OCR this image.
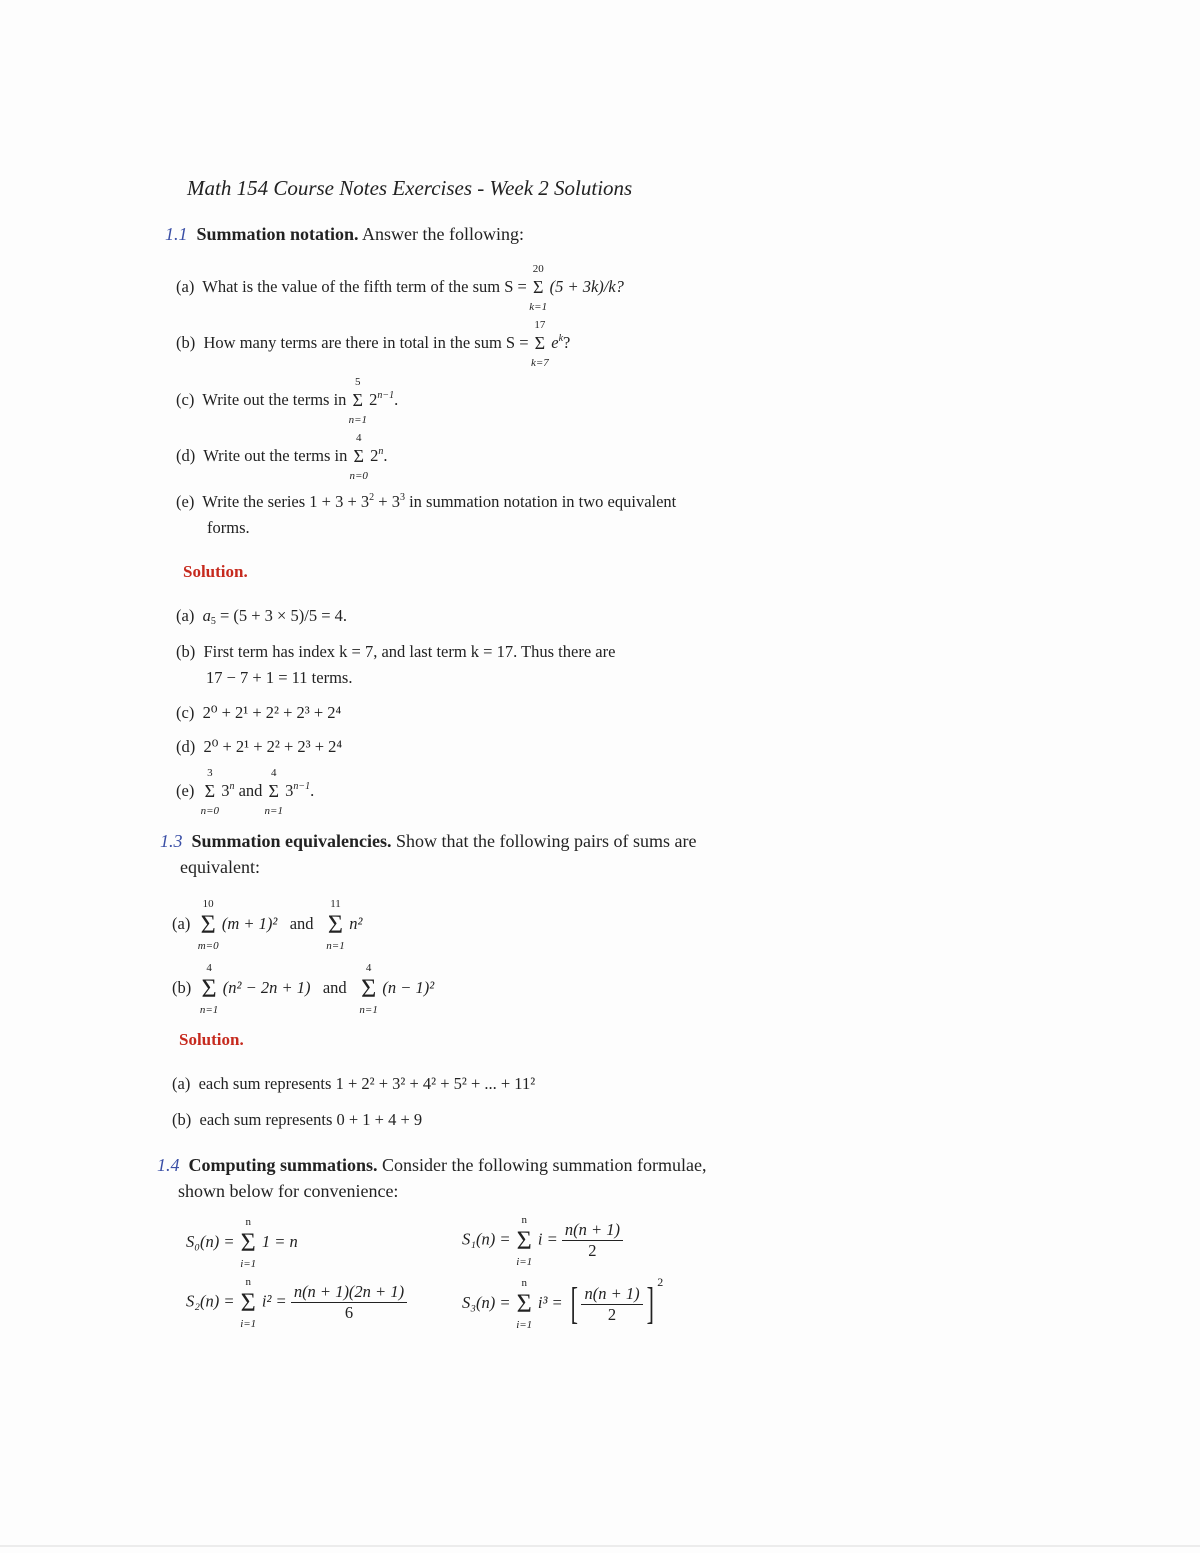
Math 154 Course Notes Exercises - Week 2 Solutions
1.1 Summation notation. Answer the following:
(a) What is the value of the fifth term of the sum S =
20
Σ
k=1
(5 + 3k)/k?
(b) How many terms are there in total in the sum S =
17
Σ
k=7
$e^k$?
(c) Write out the terms in
5
Σ
n=1
$2^{n-1}$.
(d) Write out the terms in
4
Σ
n=0
2$^n$.
(e) Write the series $1 + 3 + 3^2 + 3^3$ in summation notation in two equivalent
forms.
Solution.
(a) $a_5 = (5 + 3 \times 5)/5 = 4$.
(b) First term has index k = 7, and last term k = 17. Thus there are
17 − 7 + 1 = 11 terms.
(c) 2⁰ + 2¹ + 2² + 2³ + 2⁴
(d) 2⁰ + 2¹ + 2² + 2³ + 2⁴
(e)
3
Σ
n=0
3$^n$ and
4
Σ
n=1
$3^{n-1}$.
1.3 Summation equivalencies. Show that the following pairs of sums are
equivalent:
(a)
10
Σ
m=0
(m + 1)² and
11
Σ
n=1
n²
(b)
4
Σ
n=1
(n² − 2n + 1) and
4
Σ
n=1
(n − 1)²
Solution.
(a) each sum represents 1 + 2² + 3² + 4² + 5² + ... + 11²
(b) each sum represents 0 + 1 + 4 + 9
1.4 Computing summations. Consider the following summation formulae,
shown below for convenience:
S₀(n) =
n
Σ
i=1
1 = n	S₁(n) =
n
Σ
i=1
$i = \frac{n(n + 1)}{2}$
S₂(n) =
n
Σ
i=1
$i^2 = \frac{n(n + 1)(2n + 1)}{6}$	S₃(n) =
n
Σ
i=1
i³ = [ $\frac{n(n + 1)}{2}$ ] $^2$
